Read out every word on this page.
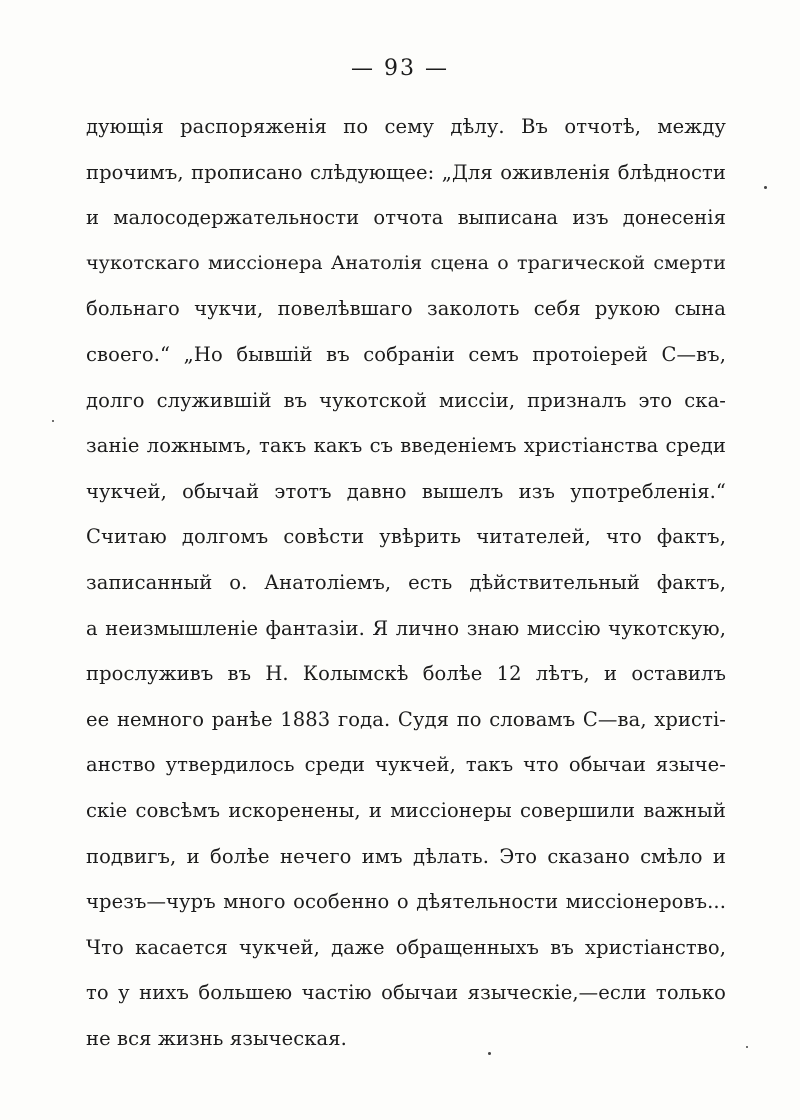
— 93 —
дующія распоряженія по сему дѣлу. Въ отчотѣ, между
прочимъ, прописано слѣдующее: „Для оживленія блѣдности
и малосодержательности отчота выписана изъ донесенія
чукотскаго миссіонера Анатолія сцена о трагической смерти
больнаго чукчи, повелѣвшаго заколоть себя рукою сына
своего.“ „Но бывшій въ собраніи семъ протоіерей С—въ,
долго служившій въ чукотской миссіи, призналъ это ска-
заніе ложнымъ, такъ какъ съ введеніемъ христіанства среди
чукчей, обычай этотъ давно вышелъ изъ употребленія.“
Считаю долгомъ совѣсти увѣрить читателей, что фактъ,
записанный о. Анатоліемъ, есть дѣйствительный фактъ,
а неизмышленіе фантазіи. Я лично знаю миссію чукотскую,
прослуживъ въ Н. Колымскѣ болѣе 12 лѣтъ, и оставилъ
ее немного ранѣе 1883 года. Судя по словамъ С—ва, христі-
анство утвердилось среди чукчей, такъ что обычаи языче-
скіе совсѣмъ искоренены, и миссіонеры совершили важный
подвигъ, и болѣе нечего имъ дѣлать. Это сказано смѣло и
чрезъ—чуръ много особенно о дѣятельности миссіонеровъ...
Что касается чукчей, даже обращенныхъ въ христіанство,
то у нихъ большею частію обычаи языческіе,—если только
не вся жизнь языческая.
